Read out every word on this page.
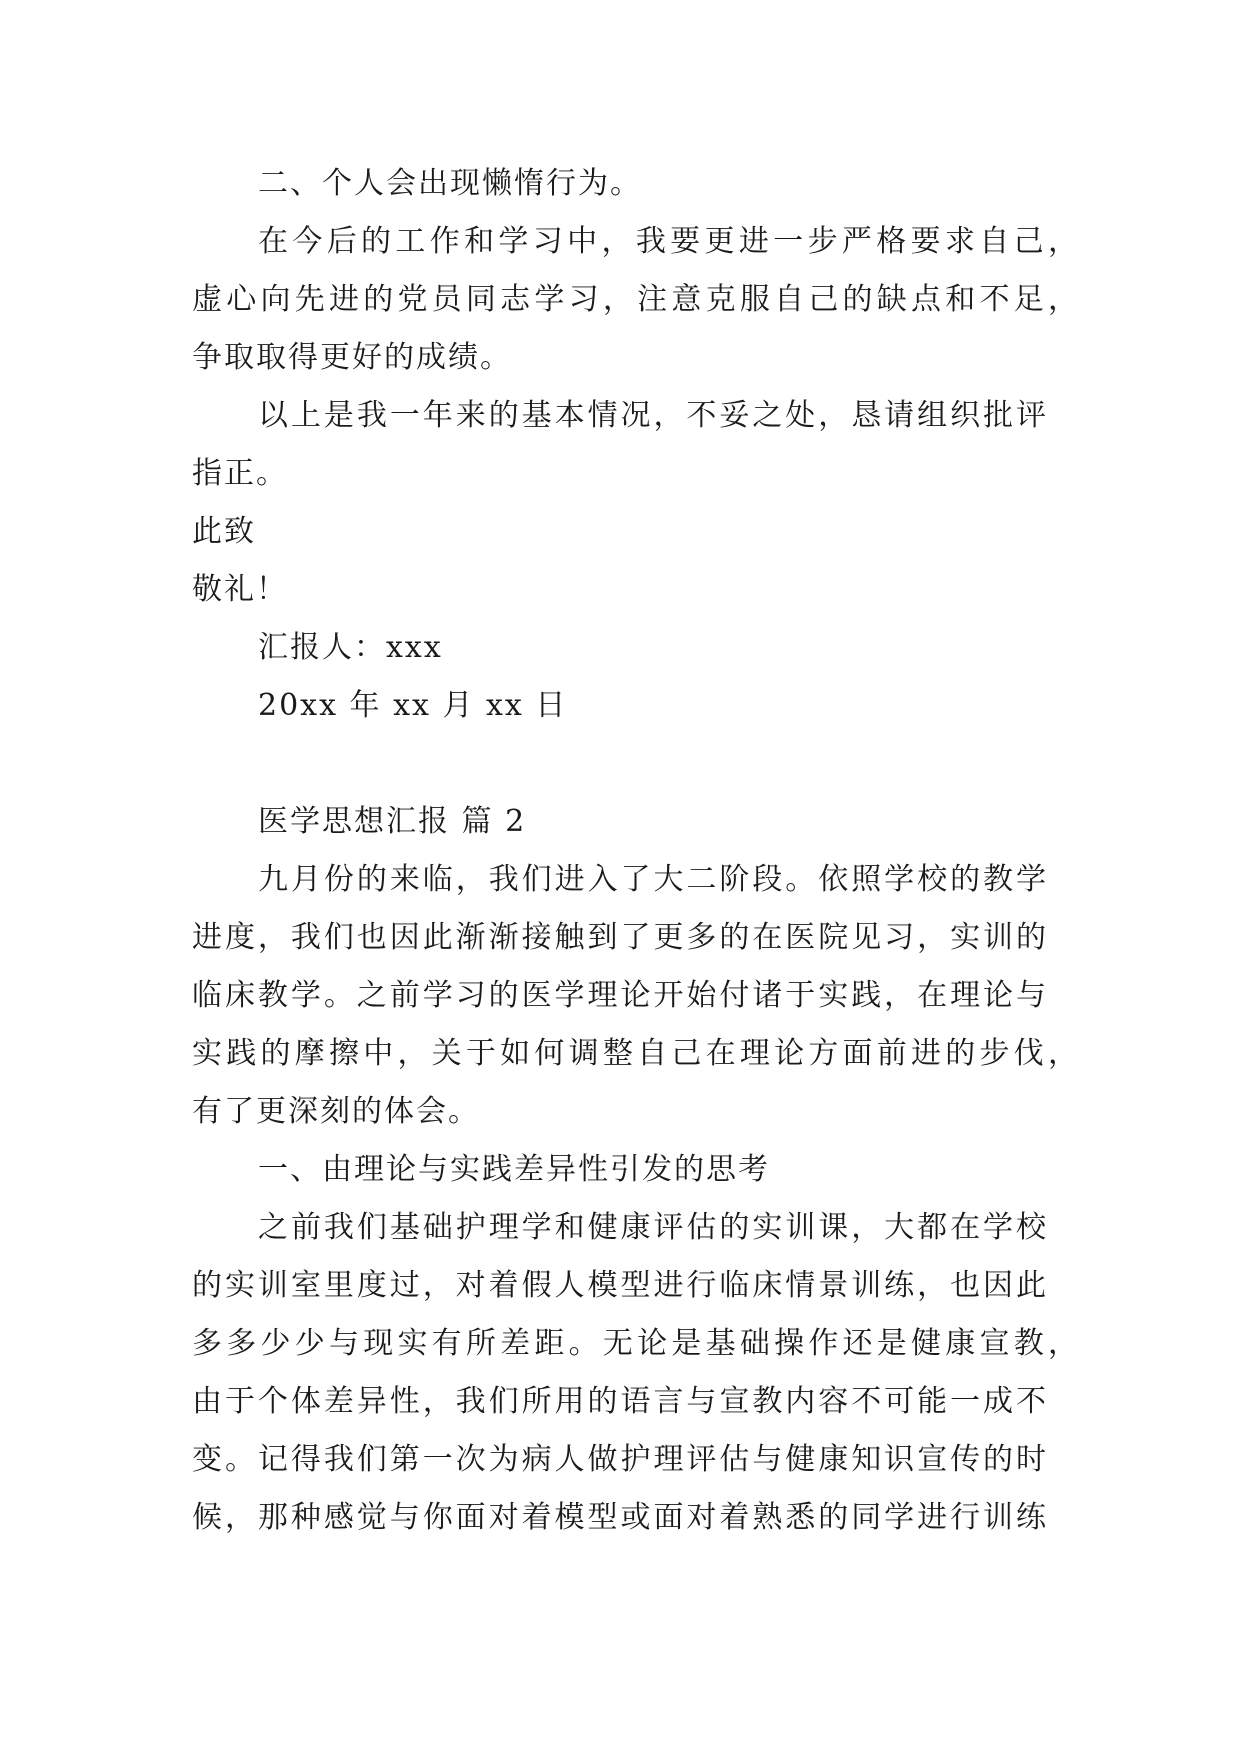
二、个人会出现懒惰行为。
在今后的工作和学习中，我要更进一步严格要求自己，
虚心向先进的党员同志学习，注意克服自己的缺点和不足，
争取取得更好的成绩。
以上是我一年来的基本情况，不妥之处，恳请组织批评
指正。
此致
敬礼！
汇报人：xxx
20xx 年 xx 月 xx 日
医学思想汇报 篇 2
九月份的来临，我们进入了大二阶段。依照学校的教学
进度，我们也因此渐渐接触到了更多的在医院见习，实训的
临床教学。之前学习的医学理论开始付诸于实践，在理论与
实践的摩擦中，关于如何调整自己在理论方面前进的步伐，
有了更深刻的体会。
一、由理论与实践差异性引发的思考
之前我们基础护理学和健康评估的实训课，大都在学校
的实训室里度过，对着假人模型进行临床情景训练，也因此
多多少少与现实有所差距。无论是基础操作还是健康宣教，
由于个体差异性，我们所用的语言与宣教内容不可能一成不
变。记得我们第一次为病人做护理评估与健康知识宣传的时
候，那种感觉与你面对着模型或面对着熟悉的同学进行训练
